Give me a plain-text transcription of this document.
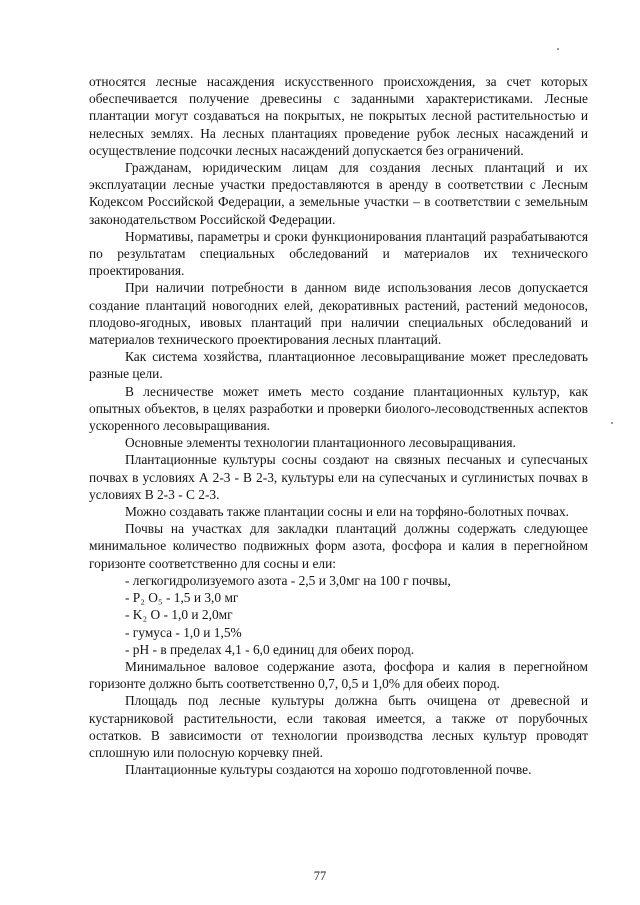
относятся лесные насаждения искусственного происхождения, за счет которых обеспечивается получение древесины с заданными характеристиками. Лесные плантации могут создаваться на покрытых, не покрытых лесной растительностью и нелесных землях. На лесных плантациях проведение рубок лесных насаждений и осуществление подсочки лесных насаждений допускается без ограничений.

Гражданам, юридическим лицам для создания лесных плантаций и их эксплуатации лесные участки предоставляются в аренду в соответствии с Лесным Кодексом Российской Федерации, а земельные участки – в соответствии с земельным законодательством Российской Федерации.

Нормативы, параметры и сроки функционирования плантаций разрабатываются по результатам специальных обследований и материалов их технического проектирования.

При наличии потребности в данном виде использования лесов допускается создание плантаций новогодних елей, декоративных растений, растений медоносов, плодово-ягодных, ивовых плантаций при наличии специальных обследований и материалов технического проектирования лесных плантаций.

Как система хозяйства, плантационное лесовыращивание может преследовать разные цели.

В лесничестве может иметь место создание плантационных культур, как опытных объектов, в целях разработки и проверки биолого-лесоводственных аспектов ускоренного лесовыращивания.

Основные элементы технологии плантационного лесовыращивания.

Плантационные культуры сосны создают на связных песчаных и супесчаных почвах в условиях А 2-3 - В 2-3, культуры ели на супесчаных и суглинистых почвах в условиях В 2-3 - С 2-3.

Можно создавать также плантации сосны и ели на торфяно-болотных почвах.

Почвы на участках для закладки плантаций должны содержать следующее минимальное количество подвижных форм азота, фосфора и калия в перегнойном горизонте соответственно для сосны и ели:

- легкогидролизуемого азота - 2,5 и 3,0мг на 100 г почвы,

- P₂ O₅ - 1,5 и 3,0 мг

- K₂ O - 1,0 и 2,0мг

- гумуса - 1,0 и 1,5%

- pH - в пределах 4,1 - 6,0 единиц для обеих пород.

Минимальное валовое содержание азота, фосфора и калия в перегнойном горизонте должно быть соответственно 0,7, 0,5 и 1,0% для обеих пород.

Площадь под лесные культуры должна быть очищена от древесной и кустарниковой растительности, если таковая имеется, а также от порубочных остатков. В зависимости от технологии производства лесных культур проводят сплошную или полосную корчевку пней.

Плантационные культуры создаются на хорошо подготовленной почве.

77
